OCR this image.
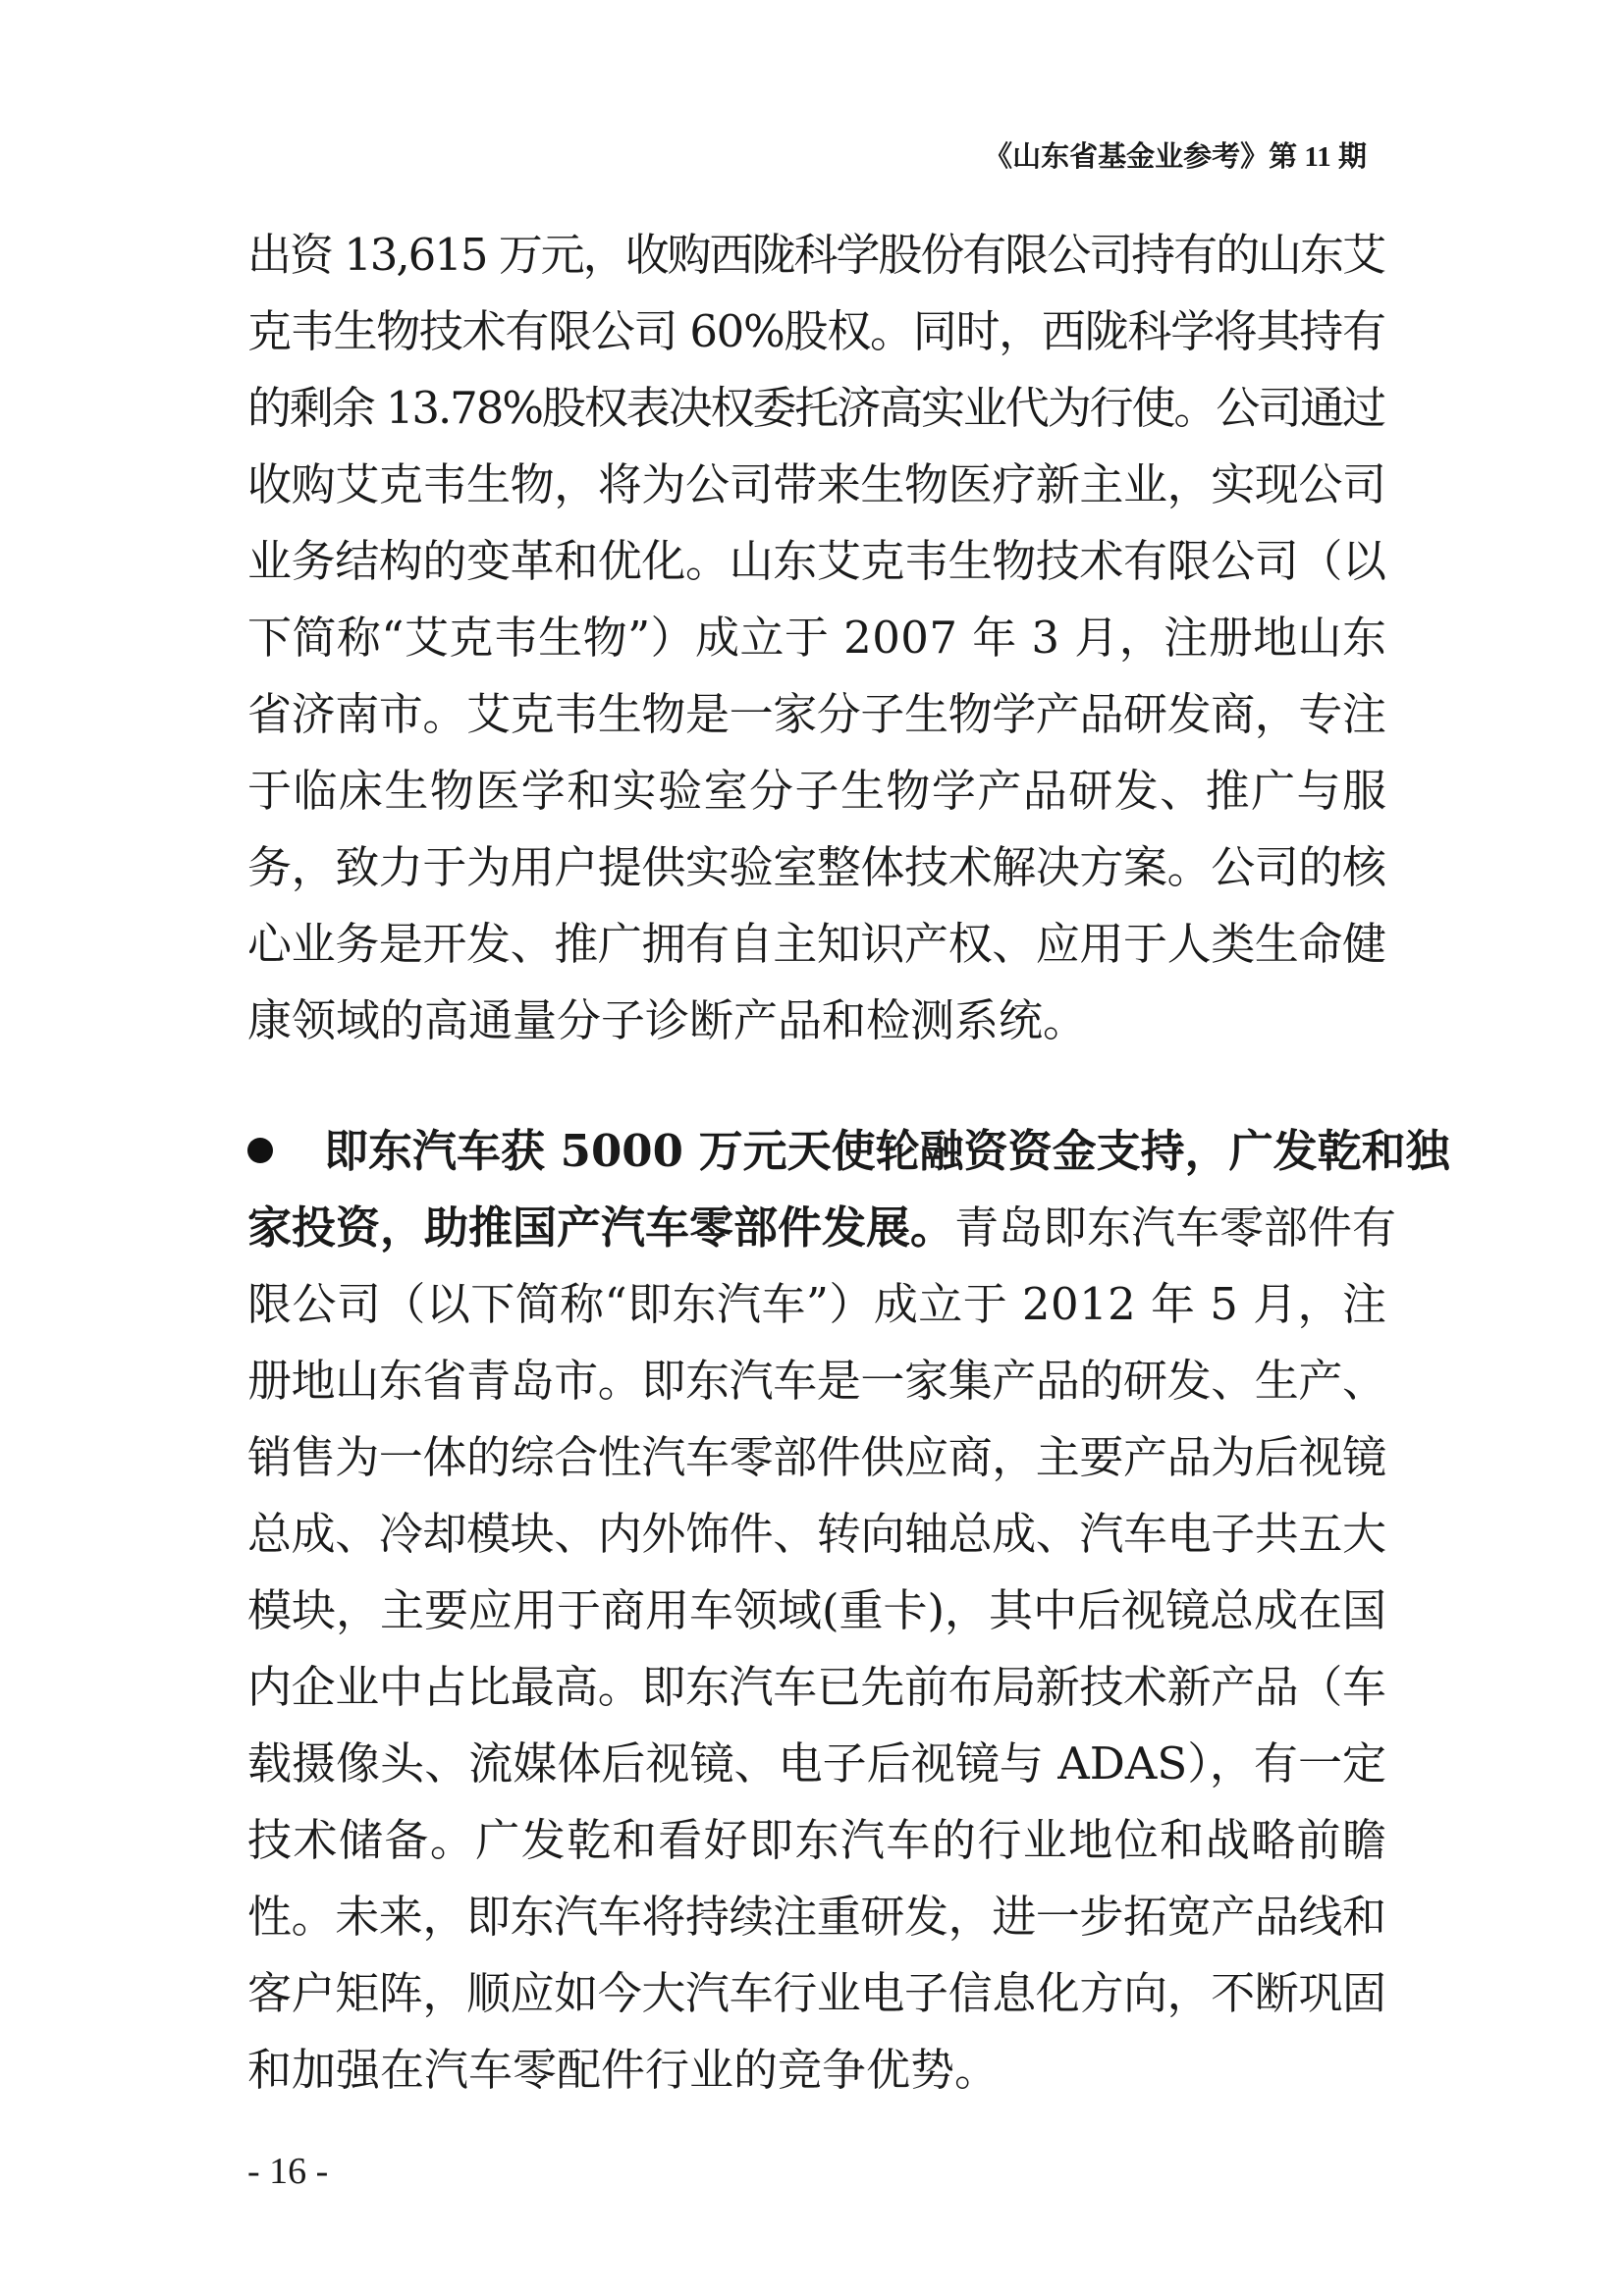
《山东省基金业参考》第 11 期
出资 13,615 万元，收购西陇科学股份有限公司持有的山东艾
克韦生物技术有限公司 60%股权。同时，西陇科学将其持有
的剩余 13.78%股权表决权委托济高实业代为行使。公司通过
收购艾克韦生物，将为公司带来生物医疗新主业，实现公司
业务结构的变革和优化。山东艾克韦生物技术有限公司（以
下简称“艾克韦生物”）成立于 2007 年 3 月，注册地山东
省济南市。艾克韦生物是一家分子生物学产品研发商，专注
于临床生物医学和实验室分子生物学产品研发、推广与服
务，致力于为用户提供实验室整体技术解决方案。公司的核
心业务是开发、推广拥有自主知识产权、应用于人类生命健
康领域的高通量分子诊断产品和检测系统。
即东汽车获 5000 万元天使轮融资资金支持，广发乾和独
家投资，助推国产汽车零部件发展。青岛即东汽车零部件有
限公司（以下简称“即东汽车”）成立于 2012 年 5 月，注
册地山东省青岛市。即东汽车是一家集产品的研发、生产、
销售为一体的综合性汽车零部件供应商，主要产品为后视镜
总成、冷却模块、内外饰件、转向轴总成、汽车电子共五大
模块，主要应用于商用车领域(重卡)，其中后视镜总成在国
内企业中占比最高。即东汽车已先前布局新技术新产品（车
载摄像头、流媒体后视镜、电子后视镜与 ADAS），有一定
技术储备。广发乾和看好即东汽车的行业地位和战略前瞻
性。未来，即东汽车将持续注重研发，进一步拓宽产品线和
客户矩阵，顺应如今大汽车行业电子信息化方向，不断巩固
和加强在汽车零配件行业的竞争优势。
- 16 -
